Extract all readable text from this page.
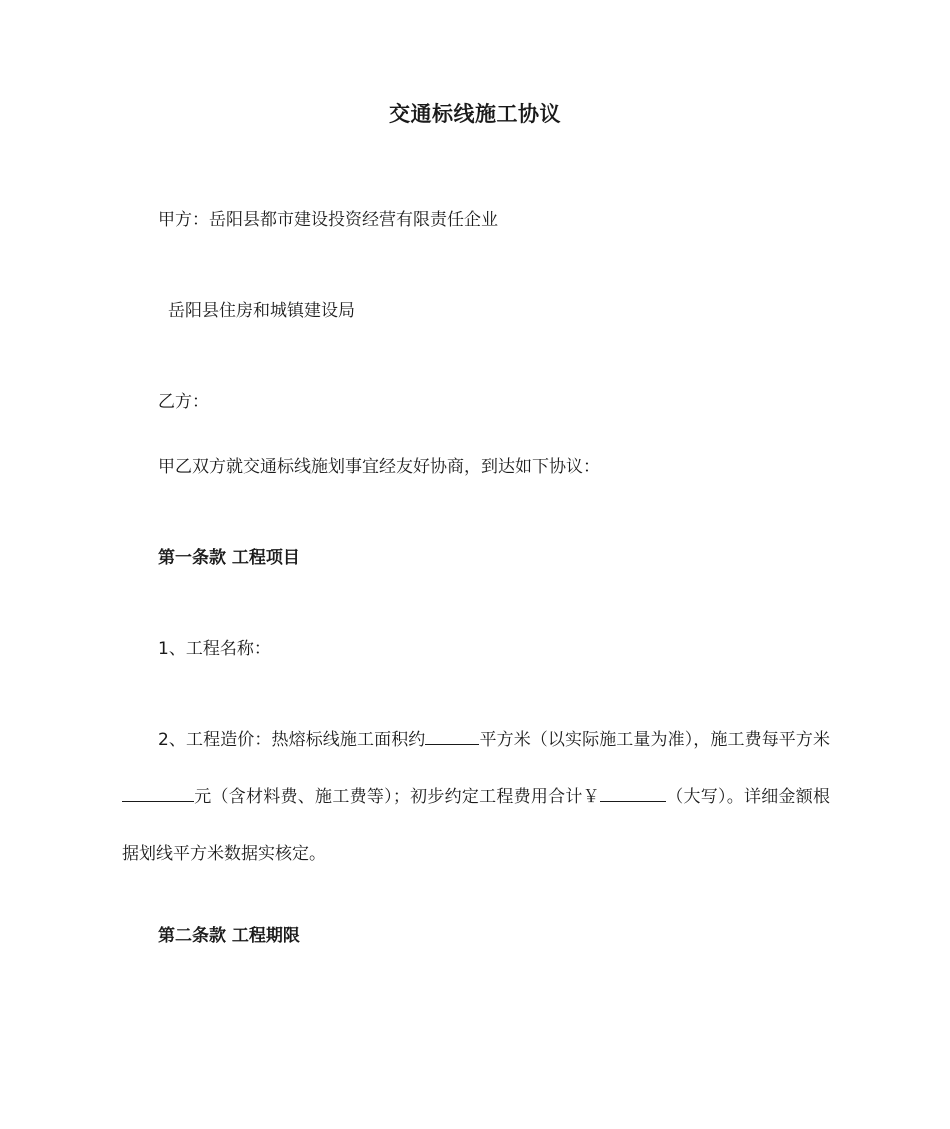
交通标线施工协议
甲方：岳阳县都市建设投资经营有限责任企业
岳阳县住房和城镇建设局
乙方：
甲乙双方就交通标线施划事宜经友好协商，到达如下协议：
第一条款 工程项目
1、工程名称：
2、工程造价：热熔标线施工面积约	平方米（以实际施工量为准），施工费每平方米元（含材料费、施工费等）；初步约定工程费用合计￥	（大写）。详细金额根据划线平方米数据实核定。
第二条款 工程期限
